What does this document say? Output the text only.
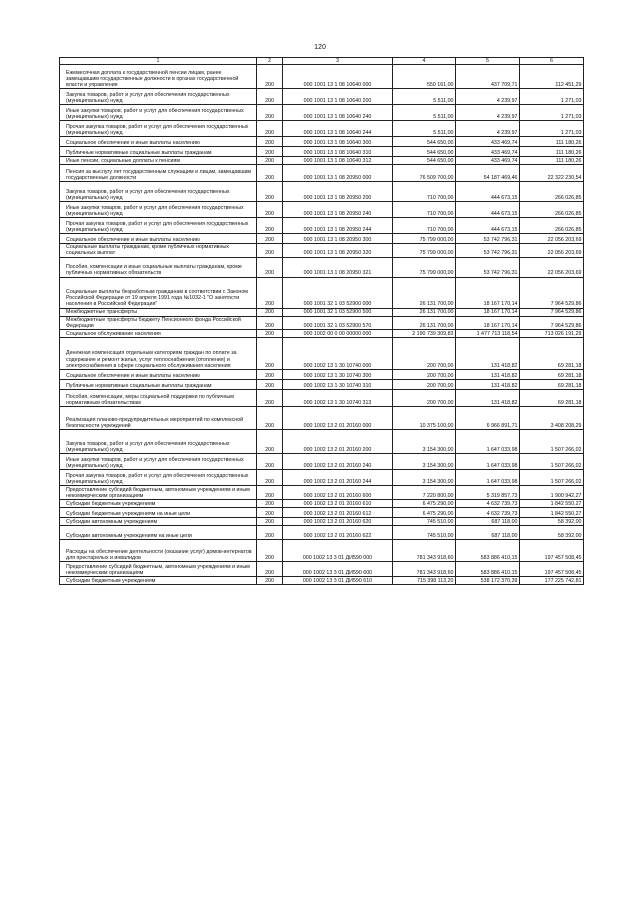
120
1	2	3	4	5	6
Ежемесячная доплата к государственной пенсии лицам, ранее замещавшим государственные должности в органах государственной власти и управления	200	000 1001 13 1 08 10640 000	550 161,00	437 709,71	112 451,29
Закупка товаров, работ и услуг для обеспечения государственных (муниципальных) нужд	200	000 1001 13 1 08 10640 200	5 511,00	4 239,97	1 271,03
Иные закупки товаров, работ и услуг для обеспечения государственных (муниципальных) нужд	200	000 1001 13 1 08 10640 240	5 511,00	4 239,97	1 271,03
Прочая закупка товаров, работ и услуг для обеспечения государственных (муниципальных) нужд	200	000 1001 13 1 08 10640 244	5 511,00	4 239,97	1 271,03
Социальное обеспечение и иные выплаты населению	200	000 1001 13 1 08 10640 300	544 650,00	433 469,74	111 180,26
Публичные нормативные социальные выплаты гражданам	200	000 1001 13 1 08 10640 310	544 650,00	433 469,74	111 180,26
Иные пенсии, социальные доплаты к пенсиям	200	000 1001 13 1 08 10640 312	544 650,00	433 469,74	111 180,26
Пенсия за выслугу лет государственным служащим и лицам, замещавшим государственные должности	200	000 1001 13 1 08 20950 000	76 509 700,00	54 187 469,46	22 322 230,54
Закупка товаров, работ и услуг для обеспечения государственных (муниципальных) нужд	200	000 1001 13 1 08 20950 200	710 700,00	444 673,15	266 026,85
Иные закупки товаров, работ и услуг для обеспечения государственных (муниципальных) нужд	200	000 1001 13 1 08 20950 240	710 700,00	444 673,15	266 026,85
Прочая закупка товаров, работ и услуг для обеспечения государственных (муниципальных) нужд	200	000 1001 13 1 08 20950 244	710 700,00	444 673,15	266 026,85
Социальное обеспечение и иные выплаты населению	200	000 1001 13 1 08 20950 300	75 799 000,00	53 742 796,31	22 056 203,69
Социальные выплаты гражданам, кроме публичных нормативных социальных выплат	200	000 1001 13 1 08 20950 320	75 799 000,00	53 742 796,31	22 056 203,69
Пособия, компенсации и иные социальные выплаты гражданам, кроме публичных нормативных обязательств	200	000 1001 13 1 08 20950 321	75 799 000,00	53 742 796,31	22 056 203,69
Социальные выплаты безработным гражданам в соответствии с Законом Российской Федерации от 19 апреля 1991 года №1032-1 "О занятости населения в Российской Федерации"	200	000 1001 32 1 03 52900 000	26 131 700,00	18 167 170,14	7 964 529,86
Межбюджетные трансферты	200	000 1001 32 1 03 52900 500	26 131 700,00	18 167 170,14	7 964 529,86
Межбюджетные трансферты бюджету Пенсионного фонда Российской Федерации	200	000 1001 32 1 03 52900 570	26 131 700,00	18 167 170,14	7 964 529,86
Социальное обслуживание населения	200	000 1002 00 0 00 00000 000	2 190 739 309,83	1 477 713 118,54	713 026 191,29
Денежная компенсация отдельным категориям граждан по оплате за содержание и ремонт жилья, услуг теплоснабжения (отопления) и электроснабжения в сфере социального обслуживания населения	200	000 1002 13 1 30 10740 000	200 700,00	131 418,82	69 281,18
Социальное обеспечение и иные выплаты населению	200	000 1002 13 1 30 10740 300	200 700,00	131 418,82	69 281,18
Публичные нормативные социальные выплаты гражданам	200	000 1002 13 1 30 10740 310	200 700,00	131 418,82	69 281,18
Пособия, компенсации, меры социальной поддержки по публичным нормативным обязательствам	200	000 1002 13 1 30 10740 313	200 700,00	131 418,82	69 281,18
Реализация планово-предупредительных мероприятий по комплексной безопасности учреждений	200	000 1002 13 2 01 20160 000	10 375 100,00	6 966 891,71	3 408 208,29
Закупка товаров, работ и услуг для обеспечения государственных (муниципальных) нужд	200	000 1002 13 2 01 20160 200	3 154 300,00	1 647 033,98	1 507 266,02
Иные закупки товаров, работ и услуг для обеспечения государственных (муниципальных) нужд	200	000 1002 13 2 01 20160 240	3 154 300,00	1 647 033,98	1 507 266,02
Прочая закупка товаров, работ и услуг для обеспечения государственных (муниципальных) нужд	200	000 1002 13 2 01 20160 244	3 154 300,00	1 647 033,98	1 507 266,02
Предоставление субсидий бюджетным, автономным учреждениям и иным некоммерческим организациям	200	000 1002 13 2 01 20160 600	7 220 800,00	5 319 857,73	1 900 942,27
Субсидии бюджетным учреждениям	200	000 1002 13 2 01 20160 610	6 475 290,00	4 632 739,73	1 842 550,27
Субсидии бюджетным учреждениям на иные цели	200	000 1002 13 2 01 20160 612	6 475 290,00	4 632 739,73	1 842 550,27
Субсидии автономным учреждениям	200	000 1002 13 2 01 20160 620	745 510,00	687 118,00	58 392,00
Субсидии автономным учреждениям на иные цели	200	000 1002 13 2 01 20160 622	745 510,00	687 118,00	58 392,00
Расходы на обеспечение деятельности (оказание услуг) домов-интернатов для престарелых и инвалидов	200	000 1002 13 3 01 ДИ590 000	781 343 918,60	583 886 410,15	197 457 508,45
Предоставление субсидий бюджетным, автономным учреждениям и иным некоммерческим организациям	200	000 1002 13 3 01 ДИ590 600	781 343 918,60	583 886 410,15	197 457 508,45
Субсидии бюджетным учреждениям	200	000 1002 13 3 01 ДИ590 610	715 398 113,20	538 172 370,39	177 225 742,81
